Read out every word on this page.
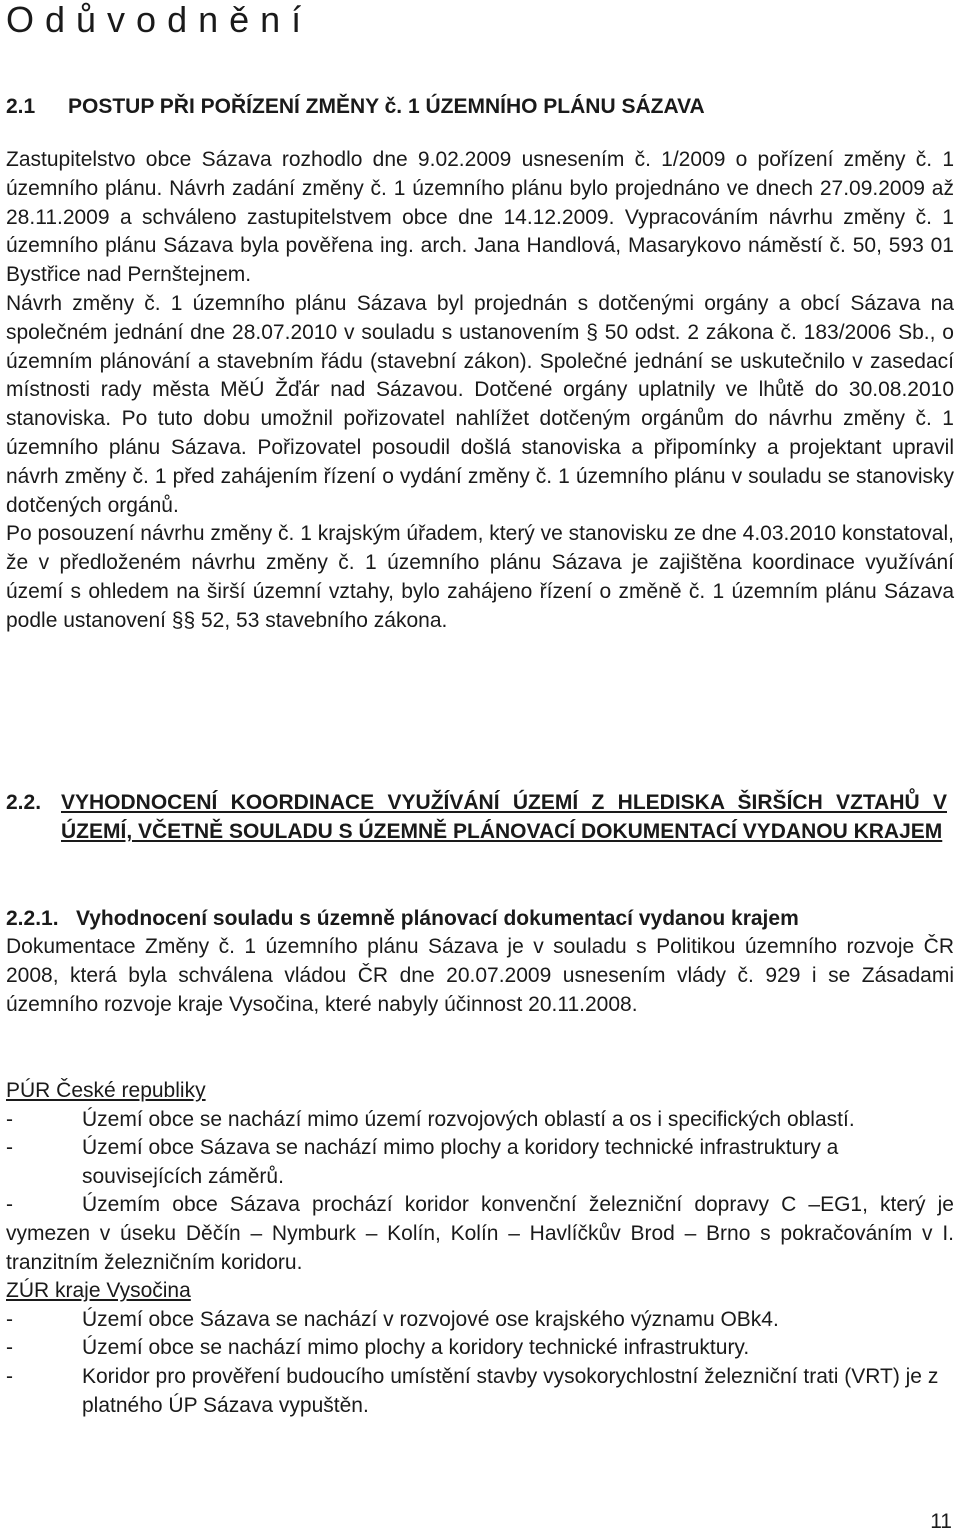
Odůvodnění
2.1 POSTUP PŘI POŘÍZENÍ ZMĚNY č. 1 ÚZEMNÍHO PLÁNU SÁZAVA

Zastupitelstvo obce Sázava rozhodlo dne 9.02.2009 usnesením č. 1/2009 o pořízení změny č. 1 územního plánu. Návrh zadání změny č. 1 územního plánu bylo projednáno ve dnech 27.09.2009 až 28.11.2009 a schváleno zastupitelstvem obce dne 14.12.2009. Vypracováním návrhu změny č. 1 územního plánu Sázava byla pověřena ing. arch. Jana Handlová, Masarykovo náměstí č. 50, 593 01 Bystřice nad Pernštejnem.

Návrh změny č. 1 územního plánu Sázava byl projednán s dotčenými orgány a obcí Sázava na společném jednání dne 28.07.2010 v souladu s ustanovením § 50 odst. 2 zákona č. 183/2006 Sb., o územním plánování a stavebním řádu (stavební zákon). Společné jednání se uskutečnilo v zasedací místnosti rady města MěÚ Žďár nad Sázavou. Dotčené orgány uplatnily ve lhůtě do 30.08.2010 stanoviska. Po tuto dobu umožnil pořizovatel nahlížet dotčeným orgánům do návrhu změny č. 1 územního plánu Sázava. Pořizovatel posoudil došlá stanoviska a připomínky a projektant upravil návrh změny č. 1 před zahájením řízení o vydání změny č. 1 územního plánu v souladu se stanovisky dotčených orgánů.

Po posouzení návrhu změny č. 1 krajským úřadem, který ve stanovisku ze dne 4.03.2010 konstatoval, že v předloženém návrhu změny č. 1 územního plánu Sázava je zajištěna koordinace využívání území s ohledem na širší územní vztahy, bylo zahájeno řízení o změně č. 1 územním plánu Sázava podle ustanovení §§ 52, 53 stavebního zákona.

2.2. VYHODNOCENÍ KOORDINACE VYUŽÍVÁNÍ ÚZEMÍ Z HLEDISKA ŠIRŠÍCH VZTAHŮ V ÚZEMÍ, VČETNĚ SOULADU S ÚZEMNĚ PLÁNOVACÍ DOKUMENTACÍ VYDANOU KRAJEM
2.2.1. Vyhodnocení souladu s územně plánovací dokumentací vydanou krajem

Dokumentace Změny č. 1 územního plánu Sázava je v souladu s Politikou územního rozvoje ČR 2008, která byla schválena vládou ČR dne 20.07.2009 usnesením vlády č. 929 i se Zásadami územního rozvoje kraje Vysočina, které nabyly účinnost 20.11.2008.

PÚR České republiky

-	Území obce se nachází mimo území rozvojových oblastí a os i specifických oblastí.

-	Území obce Sázava se nachází mimo plochy a koridory technické infrastruktury a souvisejících záměrů.

-	Územím obce Sázava prochází koridor konvenční železniční dopravy C –EG1, který je vymezen v úseku Děčín – Nymburk – Kolín, Kolín – Havlíčkův Brod – Brno s pokračováním v I. tranzitním železničním koridoru.

ZÚR kraje Vysočina

-	Území obce Sázava se nachází v rozvojové ose krajského významu OBk4.

-	Území obce se nachází mimo plochy a koridory technické infrastruktury.

-	Koridor pro prověření budoucího umístění stavby vysokorychlostní železniční trati (VRT) je z platného ÚP Sázava vypuštěn.

11
